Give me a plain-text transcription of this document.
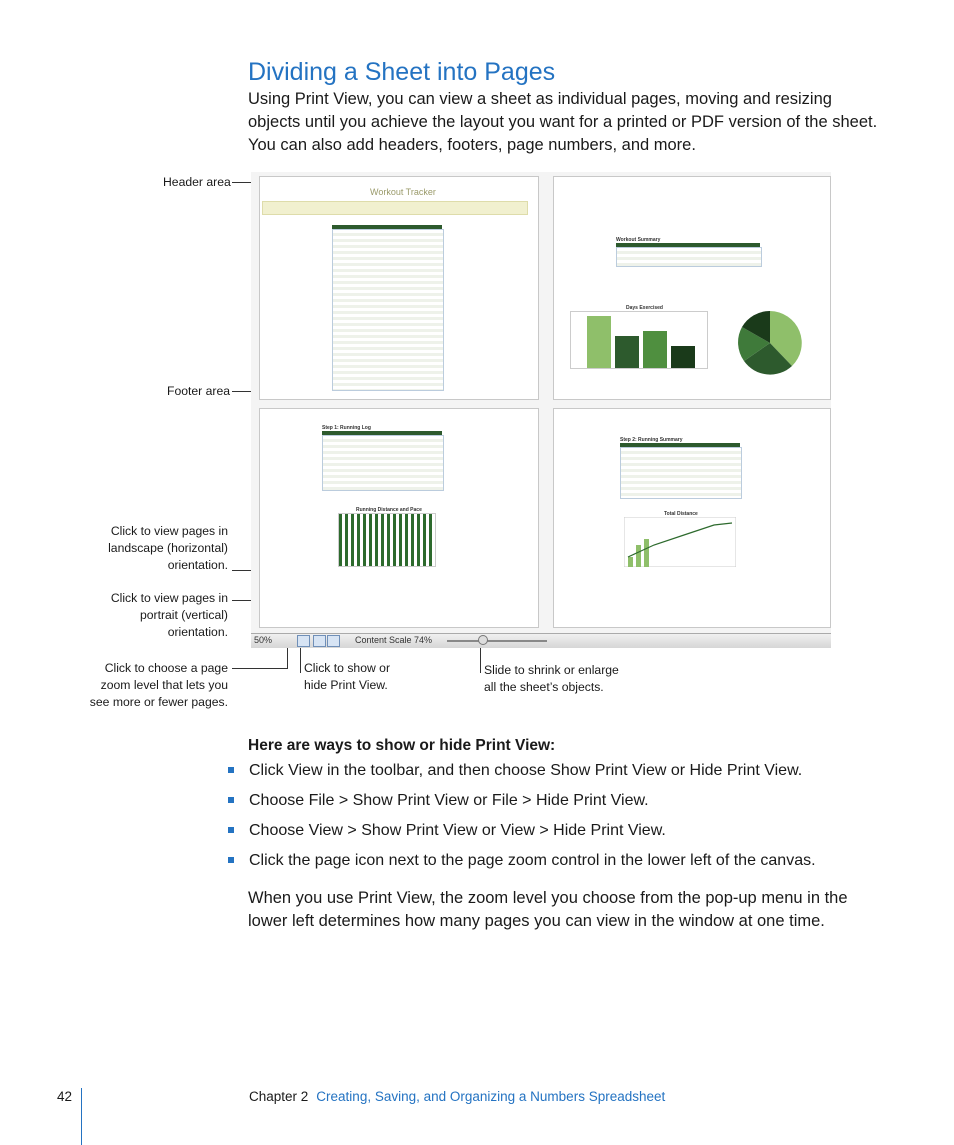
Dividing a Sheet into Pages

Using Print View, you can view a sheet as individual pages, moving and resizing objects until you achieve the layout you want for a printed or PDF version of the sheet. You can also add headers, footers, page numbers, and more.

Header area
Footer area
Click to view pages in
landscape (horizontal)
orientation.
Click to view pages in
portrait (vertical)
orientation.
Click to choose a page
zoom level that lets you
see more or fewer pages.
Click to show or
hide Print View.
Slide to shrink or enlarge
all the sheet’s objects.
Workout Tracker
Workout Summary
Days Exercised
Step 1: Running Log
Running Distance and Pace
Step 2: Running Summary
Total Distance
50%	Content Scale 74%
Here are ways to show or hide Print View:
Click View in the toolbar, and then choose Show Print View or Hide Print View.
Choose File > Show Print View or File > Hide Print View.
Choose View > Show Print View or View > Hide Print View.
Click the page icon next to the page zoom control in the lower left of the canvas.

When you use Print View, the zoom level you choose from the pop-up menu in the lower left determines how many pages you can view in the window at one time.

42	Chapter 2 Creating, Saving, and Organizing a Numbers Spreadsheet
